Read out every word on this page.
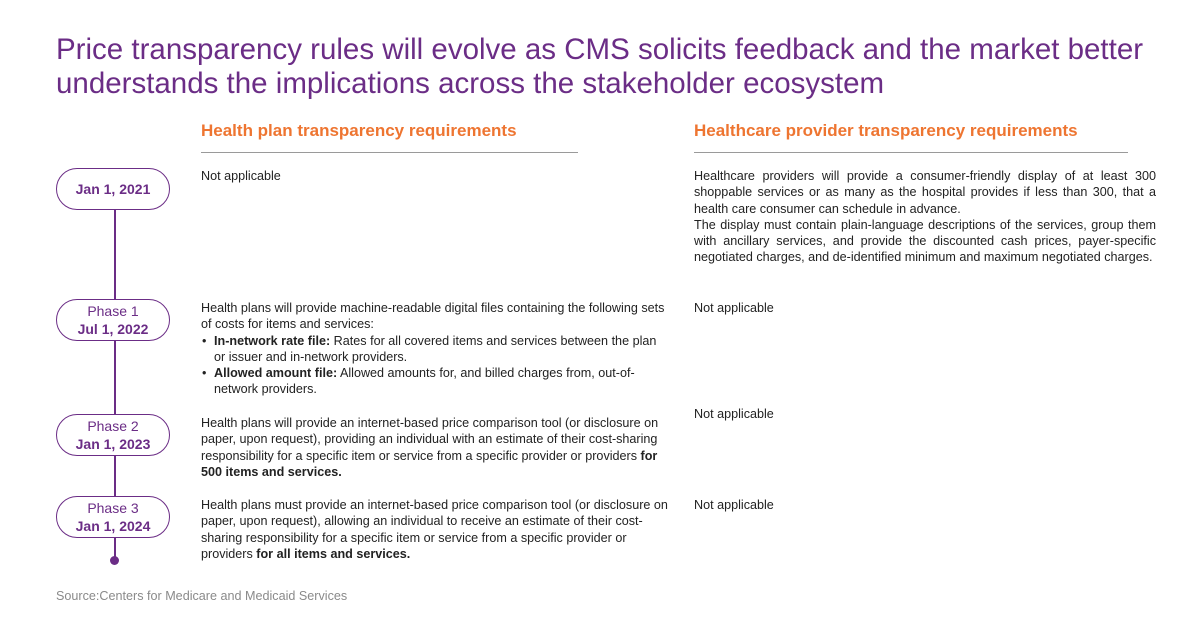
Price transparency rules will evolve as CMS solicits feedback and the market better understands the implications across the stakeholder ecosystem
Health plan transparency requirements	Healthcare provider transparency requirements
Jan 1, 2021

Not applicable	Healthcare providers will provide a consumer-friendly display of at least 300 shoppable services or as many as the hospital provides if less than 300, that a health care consumer can schedule in advance.

The display must contain plain-language descriptions of the services, group them with ancillary services, and provide the discounted cash prices, payer-specific negotiated charges, and de-identified minimum and maximum negotiated charges.

Phase 1
Jul 1, 2022

Health plans will provide machine-readable digital files containing the following sets of costs for items and services:

• In-network rate file: Rates for all covered items and services between the plan or issuer and in-network providers.
• Allowed amount file: Allowed amounts for, and billed charges from, out-of-network providers.

Not applicable

Phase 2
Jan 1, 2023

Health plans will provide an internet-based price comparison tool (or disclosure on paper, upon request), providing an individual with an estimate of their cost-sharing responsibility for a specific item or service from a specific provider or providers for 500 items and services.

Not applicable

Phase 3
Jan 1, 2024

Health plans must provide an internet-based price comparison tool (or disclosure on paper, upon request), allowing an individual to receive an estimate of their cost-sharing responsibility for a specific item or service from a specific provider or providers for all items and services.

Not applicable

Source:Centers for Medicare and Medicaid Services
